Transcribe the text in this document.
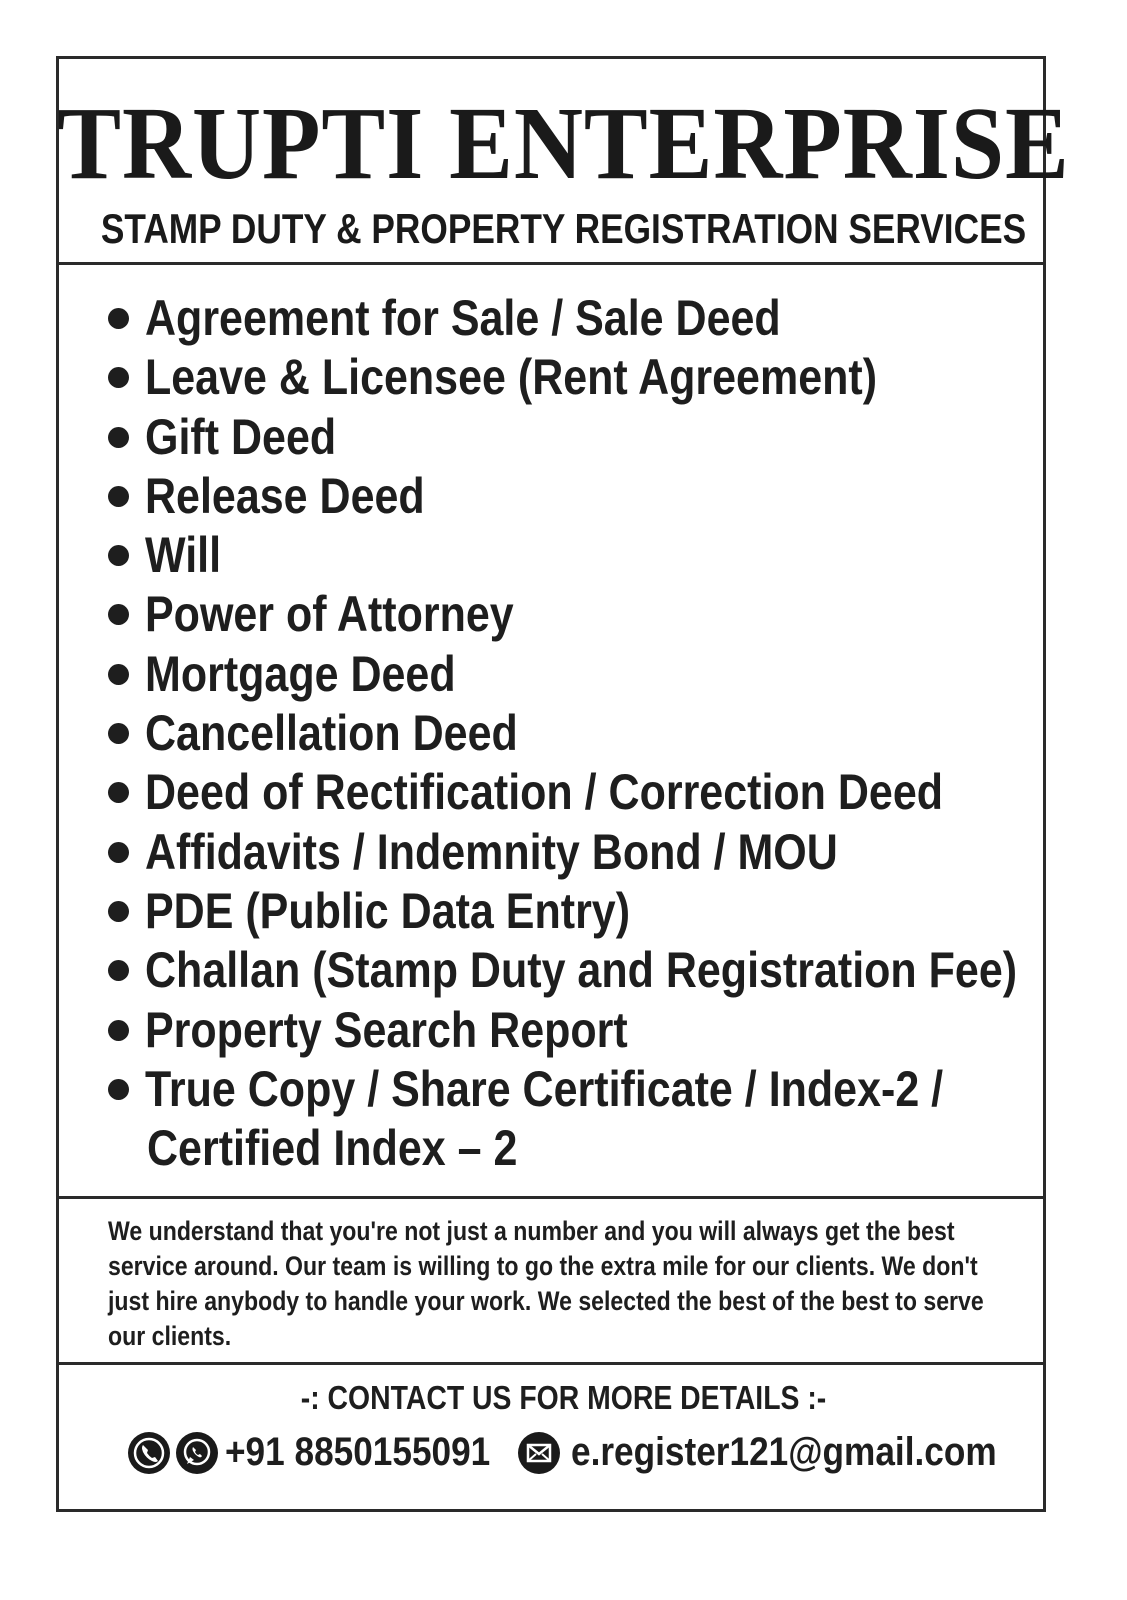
TRUPTI ENTERPRISE
STAMP DUTY & PROPERTY REGISTRATION SERVICES
Agreement for Sale / Sale Deed
Leave & Licensee (Rent Agreement)
Gift Deed
Release Deed
Will
Power of Attorney
Mortgage Deed
Cancellation Deed
Deed of Rectification / Correction Deed
Affidavits / Indemnity Bond / MOU
PDE (Public Data Entry)
Challan (Stamp Duty and Registration Fee)
Property Search Report
True Copy / Share Certificate / Index-2 /
Certified Index – 2

We understand that you're not just a number and you will always get the best service around. Our team is willing to go the extra mile for our clients. We don't just hire anybody to handle your work. We selected the best of the best to serve our clients.

-: CONTACT US FOR MORE DETAILS :-
+91 8850155091 e.register121@gmail.com
